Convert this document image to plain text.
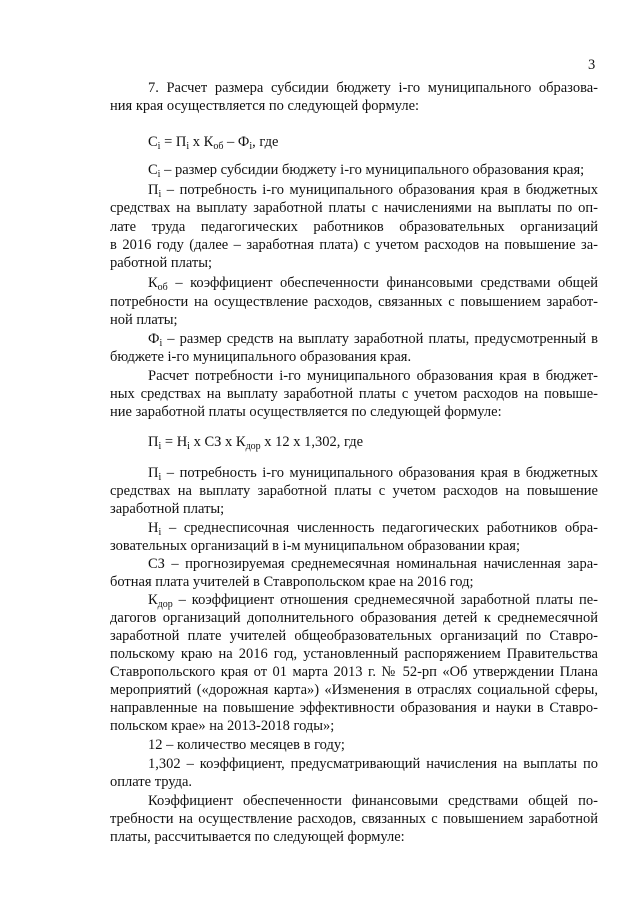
3
7. Расчет размера субсидии бюджету i-го муниципального образова-
ния края осуществляется по следующей формуле:
$C_i = П_i$ x $К_{об} - Ф_i$, где
$C_i$ – размер субсидии бюджету i-го муниципального образования края;
$П_i$ – потребность i-го муниципального образования края в бюджетных
средствах на выплату заработной платы с начислениями на выплаты по оп-
лате труда педагогических работников образовательных организаций
в 2016 году (далее – заработная плата) с учетом расходов на повышение за-
работной платы;
$К_{об}$ – коэффициент обеспеченности финансовыми средствами общей
потребности на осуществление расходов, связанных с повышением заработ-
ной платы;
$Ф_i$ – размер средств на выплату заработной платы, предусмотренный в
бюджете i-го муниципального образования края.
Расчет потребности i-го муниципального образования края в бюджет-
ных средствах на выплату заработной платы с учетом расходов на повыше-
ние заработной платы осуществляется по следующей формуле:
$П_i = Н_i$ x СЗ x $К_{дор}$ x 12 x 1,302, где
$П_i$ – потребность i-го муниципального образования края в бюджетных
средствах на выплату заработной платы с учетом расходов на повышение
заработной платы;
$Н_i$ – среднесписочная численность педагогических работников обра-
зовательных организаций в i-м муниципальном образовании края;
СЗ – прогнозируемая среднемесячная номинальная начисленная зара-
ботная плата учителей в Ставропольском крае на 2016 год;
$К_{дор}$ – коэффициент отношения среднемесячной заработной платы пе-
дагогов организаций дополнительного образования детей к среднемесячной
заработной плате учителей общеобразовательных организаций по Ставро-
польскому краю на 2016 год, установленный распоряжением Правительства
Ставропольского края от 01 марта 2013 г. № 52-рп «Об утверждении Плана
мероприятий («дорожная карта») «Изменения в отраслях социальной сферы,
направленные на повышение эффективности образования и науки в Ставро-
польском крае» на 2013-2018 годы»;
12 – количество месяцев в году;
1,302 – коэффициент, предусматривающий начисления на выплаты по
оплате труда.
Коэффициент обеспеченности финансовыми средствами общей по-
требности на осуществление расходов, связанных с повышением заработной
платы, рассчитывается по следующей формуле:
